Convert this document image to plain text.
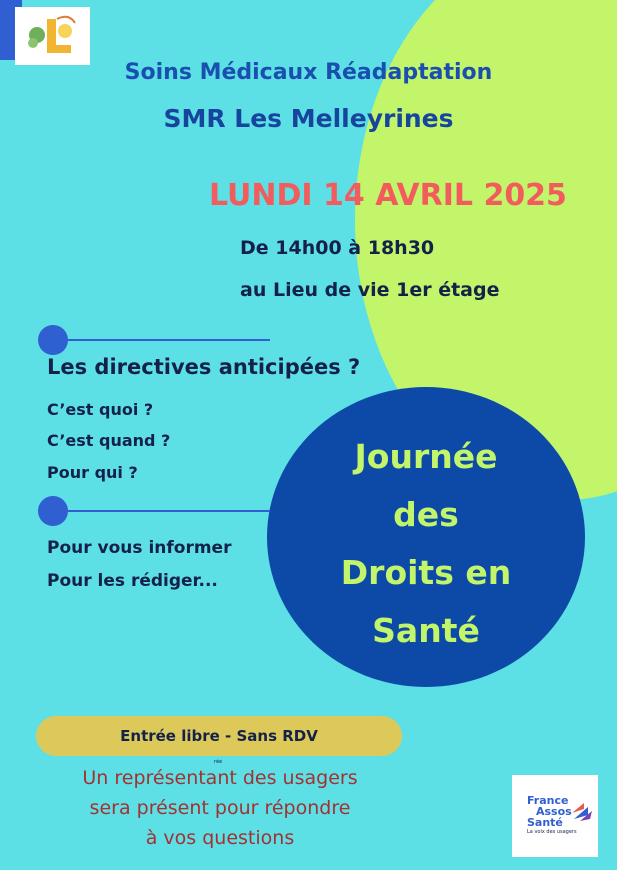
Soins Médicaux Réadaptation
SMR Les Melleyrines
LUNDI 14 AVRIL 2025
De 14h00 à 18h30
au Lieu de vie 1er étage
Les directives anticipées ?
C’est quoi ?
C’est quand ?
Pour qui ?
Pour vous informer
Pour les rédiger...
Journée
des
Droits en
Santé
Entrée libre - Sans RDV
rée
Un représentant des usagers
sera présent pour répondre
à vos questions
France
Assos
Santé
La voix des usagers
